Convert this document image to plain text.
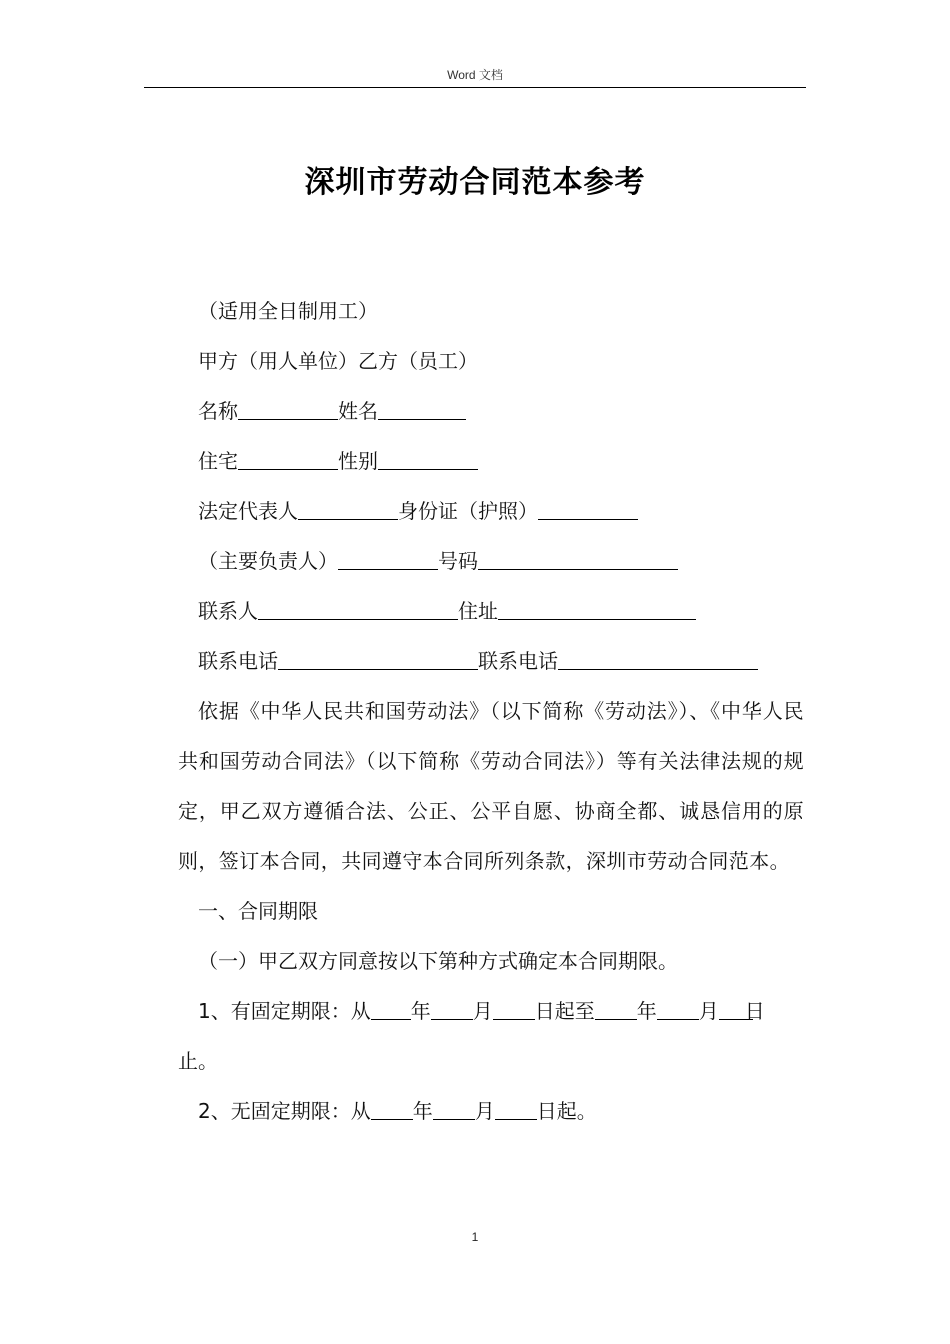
Word 文档
深圳市劳动合同范本参考

（适用全日制用工）

甲方（用人单位）乙方（员工）

名称	姓名

住宅	性别

法定代表人	身份证（护照）

（主要负责人）	号码

联系人	住址

联系电话	联系电话

依据《中华人民共和国劳动法》（以下简称《劳动法》）、《中华人民共和国劳动合同法》（以下简称《劳动合同法》）等有关法律法规的规定，甲乙双方遵循合法、公正、公平自愿、协商全都、诚恳信用的原则，签订本合同，共同遵守本合同所列条款，深圳市劳动合同范本。

一、合同期限

（一）甲乙双方同意按以下第种方式确定本合同期限。

1、有固定期限：从 年 月 日起至 年 月 日止。

2、无固定期限：从 年 月 日起。

1
